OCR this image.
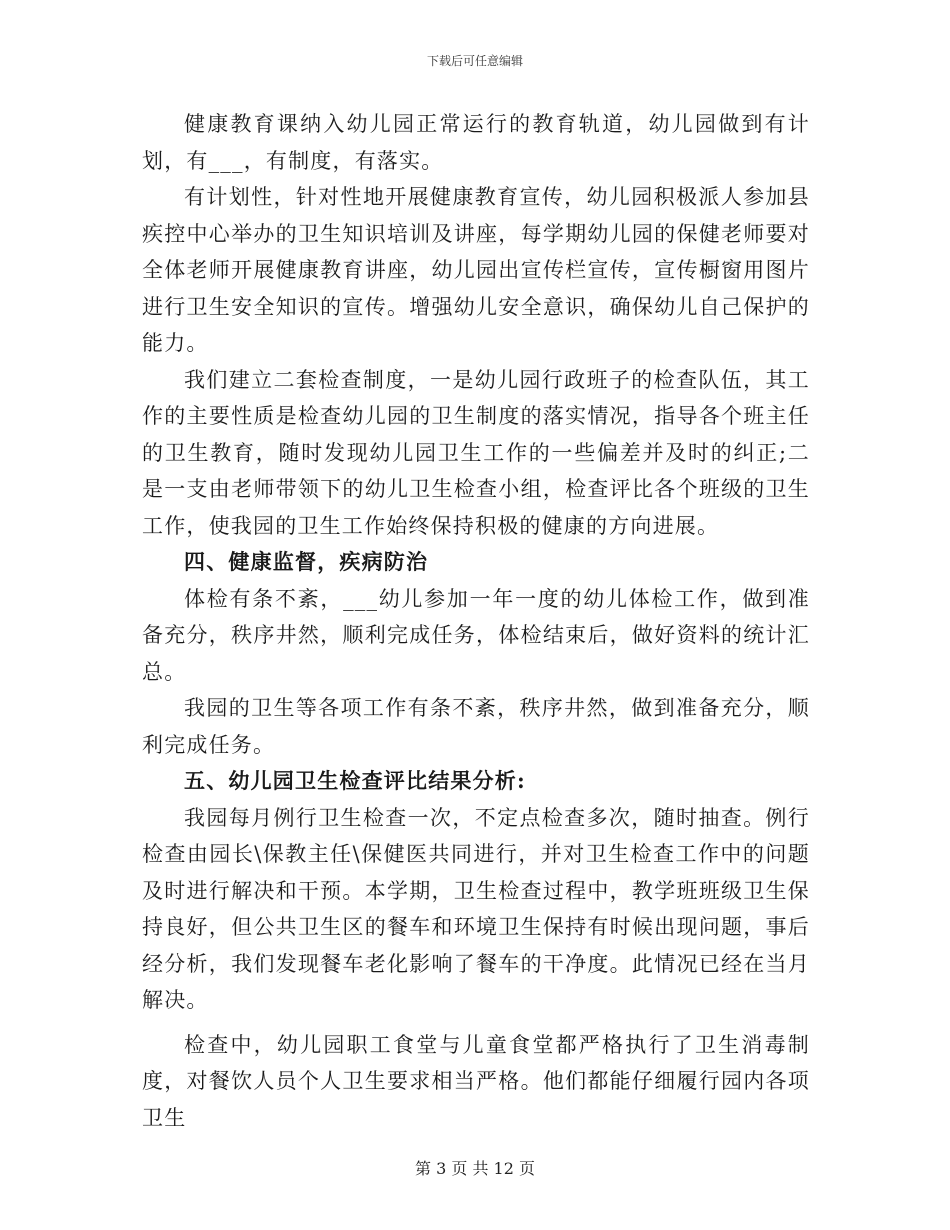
下载后可任意编辑

健康教育课纳入幼儿园正常运行的教育轨道，幼儿园做到有计划，有___，有制度，有落实。

有计划性，针对性地开展健康教育宣传，幼儿园积极派人参加县疾控中心举办的卫生知识培训及讲座，每学期幼儿园的保健老师要对全体老师开展健康教育讲座，幼儿园出宣传栏宣传，宣传橱窗用图片进行卫生安全知识的宣传。增强幼儿安全意识，确保幼儿自己保护的能力。

我们建立二套检查制度，一是幼儿园行政班子的检查队伍，其工作的主要性质是检查幼儿园的卫生制度的落实情况，指导各个班主任的卫生教育，随时发现幼儿园卫生工作的一些偏差并及时的纠正;二是一支由老师带领下的幼儿卫生检查小组，检查评比各个班级的卫生工作，使我园的卫生工作始终保持积极的健康的方向进展。

四、健康监督，疾病防治

体检有条不紊，___幼儿参加一年一度的幼儿体检工作，做到准备充分，秩序井然，顺利完成任务，体检结束后，做好资料的统计汇总。

我园的卫生等各项工作有条不紊，秩序井然，做到准备充分，顺利完成任务。

五、幼儿园卫生检查评比结果分析:

我园每月例行卫生检查一次，不定点检查多次，随时抽查。例行检查由园长\保教主任\保健医共同进行，并对卫生检查工作中的问题及时进行解决和干预。本学期，卫生检查过程中，教学班班级卫生保持良好，但公共卫生区的餐车和环境卫生保持有时候出现问题，事后经分析，我们发现餐车老化影响了餐车的干净度。此情况已经在当月解决。

检查中，幼儿园职工食堂与儿童食堂都严格执行了卫生消毒制度，对餐饮人员个人卫生要求相当严格。他们都能仔细履行园内各项卫生

第 3 页 共 12 页
